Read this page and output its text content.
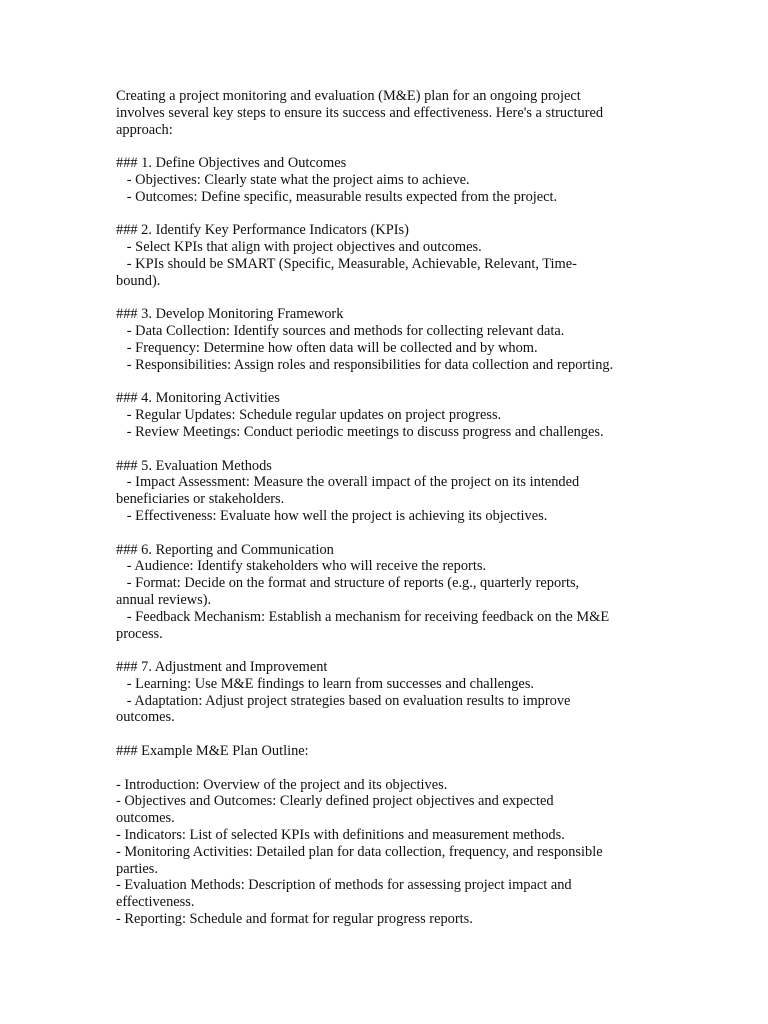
Creating a project monitoring and evaluation (M&E) plan for an ongoing project
involves several key steps to ensure its success and effectiveness. Here's a structured
approach:

### 1. Define Objectives and Outcomes

- Objectives: Clearly state what the project aims to achieve.

- Outcomes: Define specific, measurable results expected from the project.

### 2. Identify Key Performance Indicators (KPIs)

- Select KPIs that align with project objectives and outcomes.

- KPIs should be SMART (Specific, Measurable, Achievable, Relevant, Time-
bound).

### 3. Develop Monitoring Framework

- Data Collection: Identify sources and methods for collecting relevant data.

- Frequency: Determine how often data will be collected and by whom.

- Responsibilities: Assign roles and responsibilities for data collection and reporting.

### 4. Monitoring Activities

- Regular Updates: Schedule regular updates on project progress.

- Review Meetings: Conduct periodic meetings to discuss progress and challenges.

### 5. Evaluation Methods

- Impact Assessment: Measure the overall impact of the project on its intended
beneficiaries or stakeholders.

- Effectiveness: Evaluate how well the project is achieving its objectives.

### 6. Reporting and Communication

- Audience: Identify stakeholders who will receive the reports.

- Format: Decide on the format and structure of reports (e.g., quarterly reports,
annual reviews).

- Feedback Mechanism: Establish a mechanism for receiving feedback on the M&E
process.

### 7. Adjustment and Improvement

- Learning: Use M&E findings to learn from successes and challenges.

- Adaptation: Adjust project strategies based on evaluation results to improve
outcomes.

### Example M&E Plan Outline:

- Introduction: Overview of the project and its objectives.

- Objectives and Outcomes: Clearly defined project objectives and expected
outcomes.

- Indicators: List of selected KPIs with definitions and measurement methods.

- Monitoring Activities: Detailed plan for data collection, frequency, and responsible
parties.

- Evaluation Methods: Description of methods for assessing project impact and
effectiveness.

- Reporting: Schedule and format for regular progress reports.
